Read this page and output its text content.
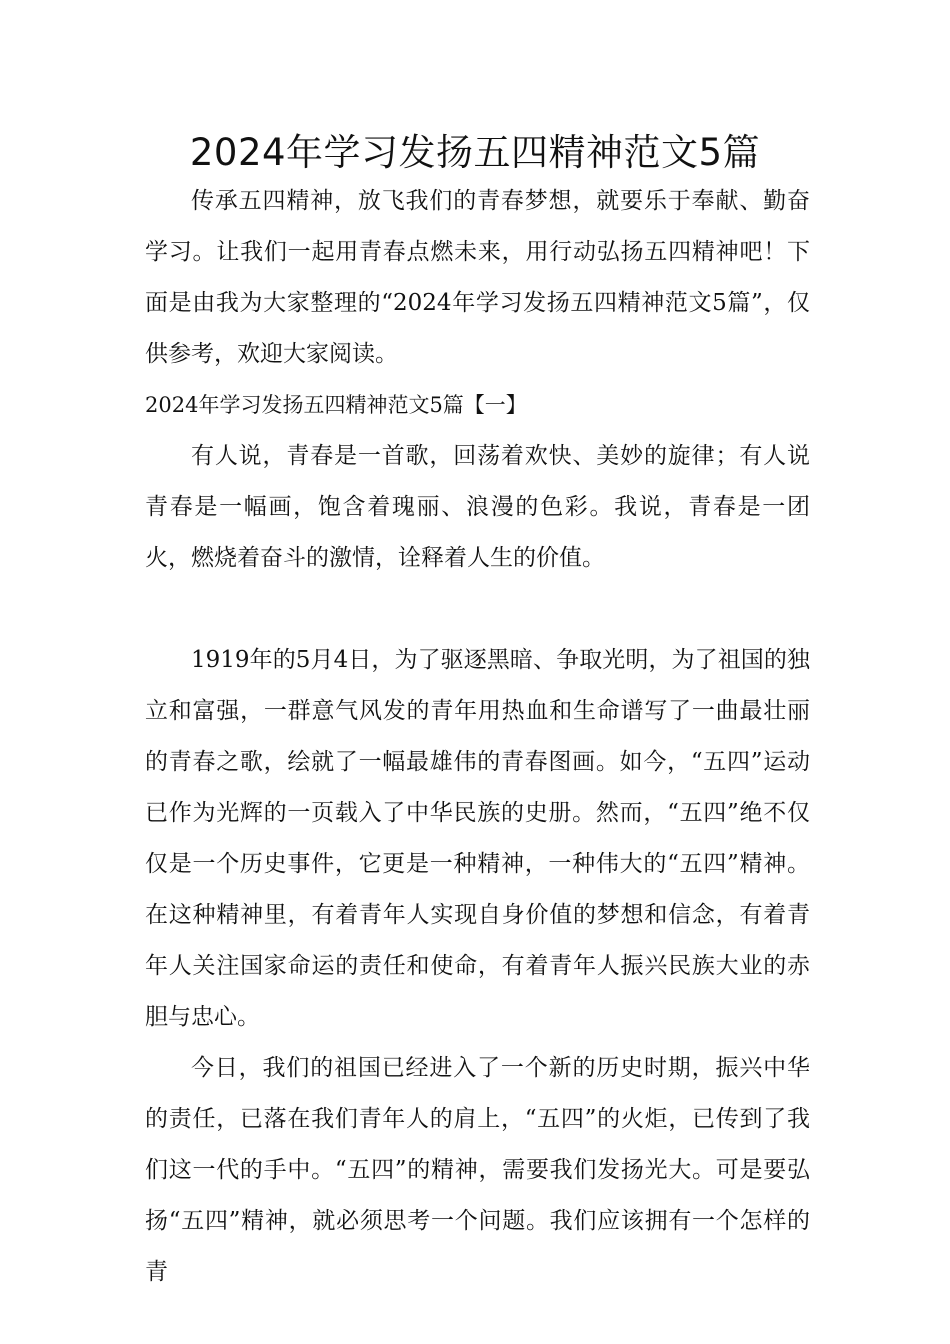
2024年学习发扬五四精神范文5篇

传承五四精神，放飞我们的青春梦想，就要乐于奉献、勤奋学习。让我们一起用青春点燃未来，用行动弘扬五四精神吧！下面是由我为大家整理的“2024年学习发扬五四精神范文5篇”，仅供参考，欢迎大家阅读。

2024年学习发扬五四精神范文5篇【一】

有人说，青春是一首歌，回荡着欢快、美妙的旋律；有人说青春是一幅画，饱含着瑰丽、浪漫的色彩。我说，青春是一团火，燃烧着奋斗的激情，诠释着人生的价值。

1919年的5月4日，为了驱逐黑暗、争取光明，为了祖国的独立和富强，一群意气风发的青年用热血和生命谱写了一曲最壮丽的青春之歌，绘就了一幅最雄伟的青春图画。如今，“五四”运动已作为光辉的一页载入了中华民族的史册。然而，“五四”绝不仅仅是一个历史事件，它更是一种精神，一种伟大的“五四”精神。在这种精神里，有着青年人实现自身价值的梦想和信念，有着青年人关注国家命运的责任和使命，有着青年人振兴民族大业的赤胆与忠心。

今日，我们的祖国已经进入了一个新的历史时期，振兴中华的责任，已落在我们青年人的肩上，“五四”的火炬，已传到了我们这一代的手中。“五四”的精神，需要我们发扬光大。可是要弘扬“五四”精神，就必须思考一个问题。我们应该拥有一个怎样的青
